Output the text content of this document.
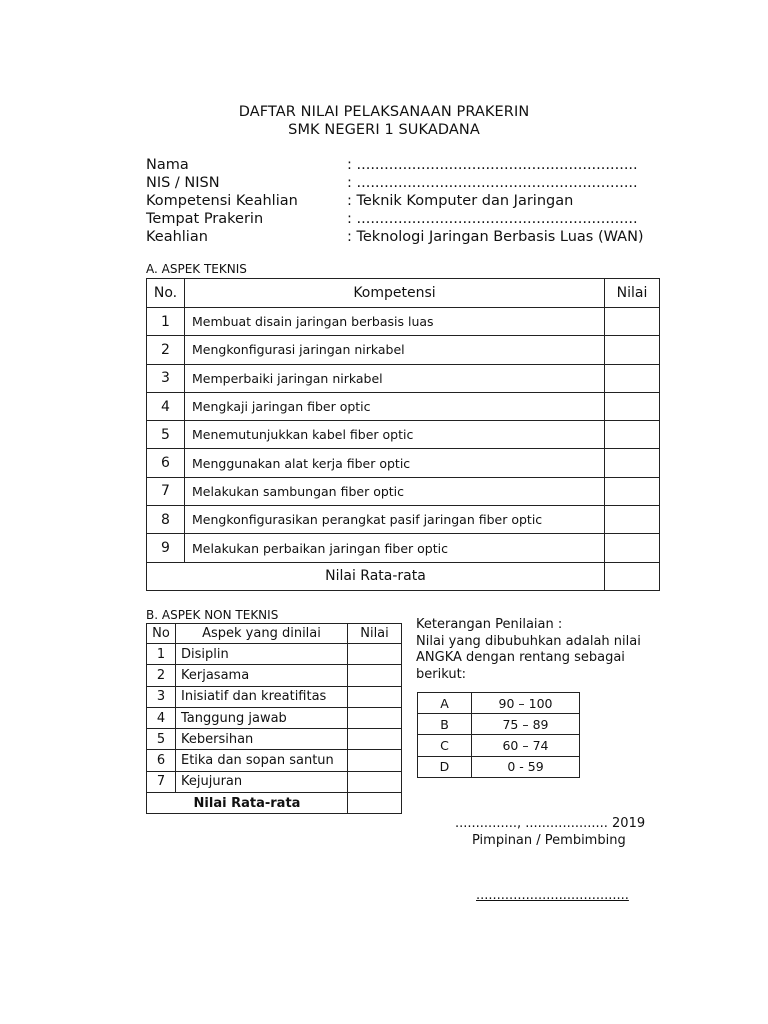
DAFTAR NILAI PELAKSANAAN PRAKERIN
SMK NEGERI 1 SUKADANA
Nama	: .............................................................
NIS / NISN	: .............................................................
Kompetensi Keahlian	: Teknik Komputer dan Jaringan
Tempat Prakerin	: .............................................................
Keahlian	: Teknologi Jaringan Berbasis Luas (WAN)
A. ASPEK TEKNIS
No.	Kompetensi	Nilai
1	Membuat disain jaringan berbasis luas	
2	Mengkonfigurasi jaringan nirkabel	
3	Memperbaiki jaringan nirkabel	
4	Mengkaji jaringan fiber optic	
5	Menemutunjukkan kabel fiber optic	
6	Menggunakan alat kerja fiber optic	
7	Melakukan sambungan fiber optic	
8	Mengkonfigurasikan perangkat pasif jaringan fiber optic	
9	Melakukan perbaikan jaringan fiber optic	
Nilai Rata-rata		
B. ASPEK NON TEKNIS
No	Aspek yang dinilai	Nilai
1	Disiplin	
2	Kerjasama	
3	Inisiatif dan kreatifitas	
4	Tanggung jawab	
5	Kebersihan	
6	Etika dan sopan santun	
7	Kejujuran	
Nilai Rata-rata		
Keterangan Penilaian :
Nilai yang dibubuhkan adalah nilai
ANGKA dengan rentang sebagai
berikut:
A	90 – 100
B	75 – 89
C	60 – 74
D	0 - 59
..............., .................... 2019
Pimpinan / Pembimbing
.....................................
